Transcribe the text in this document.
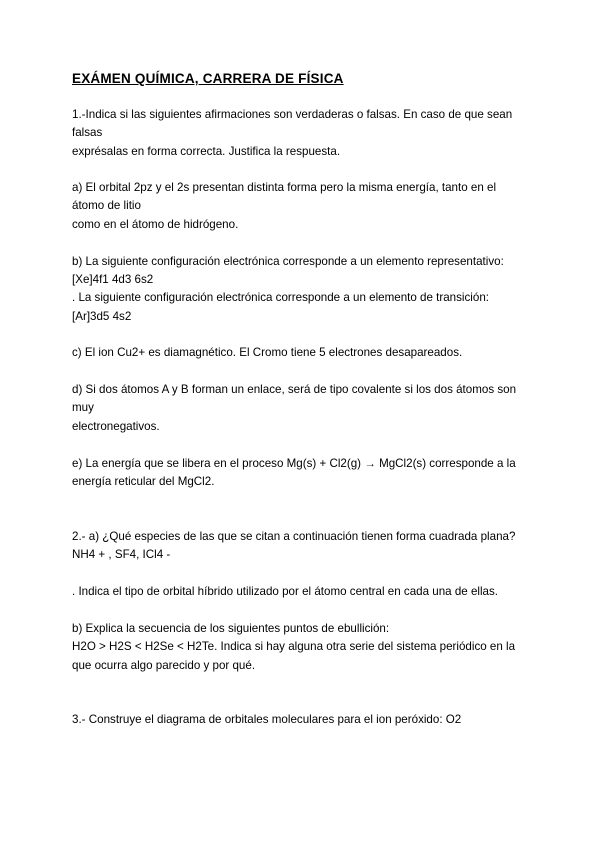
EXÁMEN QUÍMICA, CARRERA DE FÍSICA

1.-Indica si las siguientes afirmaciones son verdaderas o falsas. En caso de que sean

falsas

exprésalas en forma correcta. Justifica la respuesta.

a) El orbital 2pz y el 2s presentan distinta forma pero la misma energía, tanto en el

átomo de litio

como en el átomo de hidrógeno.

b) La siguiente configuración electrónica corresponde a un elemento representativo:

[Xe]4f1 4d3 6s2

. La siguiente configuración electrónica corresponde a un elemento de transición:

[Ar]3d5 4s2

c) El ion Cu2+ es diamagnético. El Cromo tiene 5 electrones desapareados.

d) Si dos átomos A y B forman un enlace, será de tipo covalente si los dos átomos son

muy

electronegativos.

e) La energía que se libera en el proceso Mg(s) + Cl2(g) → MgCl2(s) corresponde a la

energía reticular del MgCl2.

2.- a) ¿Qué especies de las que se citan a continuación tienen forma cuadrada plana?

NH4 + , SF4, ICl4 -

. Indica el tipo de orbital híbrido utilizado por el átomo central en cada una de ellas.

b) Explica la secuencia de los siguientes puntos de ebullición:

H2O > H2S < H2Se < H2Te. Indica si hay alguna otra serie del sistema periódico en la

que ocurra algo parecido y por qué.

3.- Construye el diagrama de orbitales moleculares para el ion peróxido: O2
